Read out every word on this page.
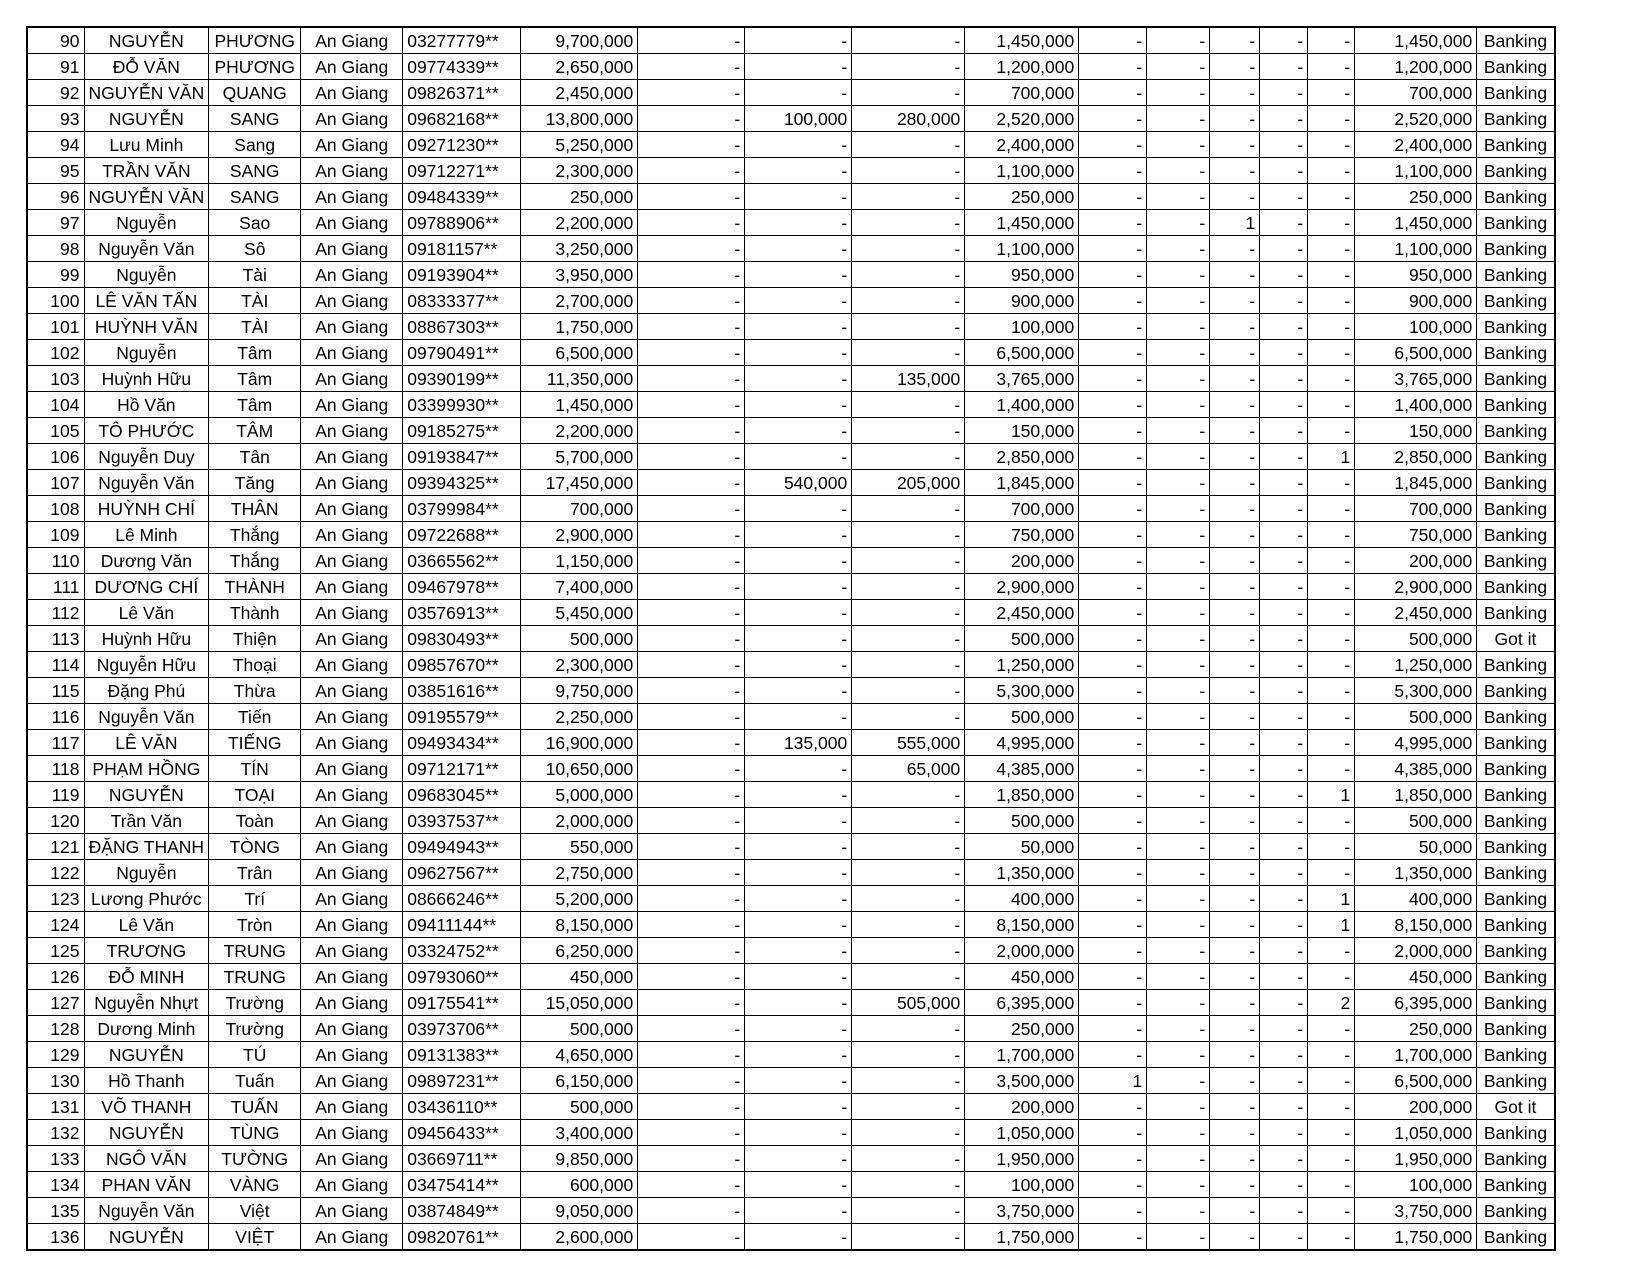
90	NGUYỄN	PHƯƠNG	An Giang	03277779**	9,700,000	-	-	-	1,450,000	-	-	-	-	-	1,450,000	Banking
91	ĐỖ VĂN	PHƯƠNG	An Giang	09774339**	2,650,000	-	-	-	1,200,000	-	-	-	-	-	1,200,000	Banking
92	NGUYỄN VĂN	QUANG	An Giang	09826371**	2,450,000	-	-	-	700,000	-	-	-	-	-	700,000	Banking
93	NGUYỄN	SANG	An Giang	09682168**	13,800,000	-	100,000	280,000	2,520,000	-	-	-	-	-	2,520,000	Banking
94	Lưu Minh	Sang	An Giang	09271230**	5,250,000	-	-	-	2,400,000	-	-	-	-	-	2,400,000	Banking
95	TRẦN VĂN	SANG	An Giang	09712271**	2,300,000	-	-	-	1,100,000	-	-	-	-	-	1,100,000	Banking
96	NGUYỄN VĂN	SANG	An Giang	09484339**	250,000	-	-	-	250,000	-	-	-	-	-	250,000	Banking
97	Nguyễn	Sao	An Giang	09788906**	2,200,000	-	-	-	1,450,000	-	-	1	-	-	1,450,000	Banking
98	Nguyễn Văn	Sô	An Giang	09181157**	3,250,000	-	-	-	1,100,000	-	-	-	-	-	1,100,000	Banking
99	Nguyễn	Tài	An Giang	09193904**	3,950,000	-	-	-	950,000	-	-	-	-	-	950,000	Banking
100	LÊ VĂN TẤN	TÀI	An Giang	08333377**	2,700,000	-	-	-	900,000	-	-	-	-	-	900,000	Banking
101	HUỲNH VĂN	TÀI	An Giang	08867303**	1,750,000	-	-	-	100,000	-	-	-	-	-	100,000	Banking
102	Nguyễn	Tâm	An Giang	09790491**	6,500,000	-	-	-	6,500,000	-	-	-	-	-	6,500,000	Banking
103	Huỳnh Hữu	Tâm	An Giang	09390199**	11,350,000	-	-	135,000	3,765,000	-	-	-	-	-	3,765,000	Banking
104	Hồ Văn	Tâm	An Giang	03399930**	1,450,000	-	-	-	1,400,000	-	-	-	-	-	1,400,000	Banking
105	TÔ PHƯỚC	TÂM	An Giang	09185275**	2,200,000	-	-	-	150,000	-	-	-	-	-	150,000	Banking
106	Nguyễn Duy	Tân	An Giang	09193847**	5,700,000	-	-	-	2,850,000	-	-	-	-	1	2,850,000	Banking
107	Nguyễn Văn	Tăng	An Giang	09394325**	17,450,000	-	540,000	205,000	1,845,000	-	-	-	-	-	1,845,000	Banking
108	HUỲNH CHÍ	THÂN	An Giang	03799984**	700,000	-	-	-	700,000	-	-	-	-	-	700,000	Banking
109	Lê Minh	Thắng	An Giang	09722688**	2,900,000	-	-	-	750,000	-	-	-	-	-	750,000	Banking
110	Dương Văn	Thắng	An Giang	03665562**	1,150,000	-	-	-	200,000	-	-	-	-	-	200,000	Banking
111	DƯƠNG CHÍ	THÀNH	An Giang	09467978**	7,400,000	-	-	-	2,900,000	-	-	-	-	-	2,900,000	Banking
112	Lê Văn	Thành	An Giang	03576913**	5,450,000	-	-	-	2,450,000	-	-	-	-	-	2,450,000	Banking
113	Huỳnh Hữu	Thiện	An Giang	09830493**	500,000	-	-	-	500,000	-	-	-	-	-	500,000	Got it
114	Nguyễn Hữu	Thoại	An Giang	09857670**	2,300,000	-	-	-	1,250,000	-	-	-	-	-	1,250,000	Banking
115	Đặng Phú	Thừa	An Giang	03851616**	9,750,000	-	-	-	5,300,000	-	-	-	-	-	5,300,000	Banking
116	Nguyễn Văn	Tiến	An Giang	09195579**	2,250,000	-	-	-	500,000	-	-	-	-	-	500,000	Banking
117	LÊ VĂN	TIẾNG	An Giang	09493434**	16,900,000	-	135,000	555,000	4,995,000	-	-	-	-	-	4,995,000	Banking
118	PHẠM HỒNG	TÍN	An Giang	09712171**	10,650,000	-	-	65,000	4,385,000	-	-	-	-	-	4,385,000	Banking
119	NGUYỄN	TOẠI	An Giang	09683045**	5,000,000	-	-	-	1,850,000	-	-	-	-	1	1,850,000	Banking
120	Trần Văn	Toàn	An Giang	03937537**	2,000,000	-	-	-	500,000	-	-	-	-	-	500,000	Banking
121	ĐẶNG THANH	TÒNG	An Giang	09494943**	550,000	-	-	-	50,000	-	-	-	-	-	50,000	Banking
122	Nguyễn	Trân	An Giang	09627567**	2,750,000	-	-	-	1,350,000	-	-	-	-	-	1,350,000	Banking
123	Lương Phước	Trí	An Giang	08666246**	5,200,000	-	-	-	400,000	-	-	-	-	1	400,000	Banking
124	Lê Văn	Tròn	An Giang	09411144**	8,150,000	-	-	-	8,150,000	-	-	-	-	1	8,150,000	Banking
125	TRƯƠNG	TRUNG	An Giang	03324752**	6,250,000	-	-	-	2,000,000	-	-	-	-	-	2,000,000	Banking
126	ĐỖ MINH	TRUNG	An Giang	09793060**	450,000	-	-	-	450,000	-	-	-	-	-	450,000	Banking
127	Nguyễn Nhựt	Trường	An Giang	09175541**	15,050,000	-	-	505,000	6,395,000	-	-	-	-	2	6,395,000	Banking
128	Dương Minh	Trường	An Giang	03973706**	500,000	-	-	-	250,000	-	-	-	-	-	250,000	Banking
129	NGUYỄN	TÚ	An Giang	09131383**	4,650,000	-	-	-	1,700,000	-	-	-	-	-	1,700,000	Banking
130	Hồ Thanh	Tuấn	An Giang	09897231**	6,150,000	-	-	-	3,500,000	1	-	-	-	-	6,500,000	Banking
131	VÕ THANH	TUẤN	An Giang	03436110**	500,000	-	-	-	200,000	-	-	-	-	-	200,000	Got it
132	NGUYỄN	TÙNG	An Giang	09456433**	3,400,000	-	-	-	1,050,000	-	-	-	-	-	1,050,000	Banking
133	NGÔ VĂN	TƯỜNG	An Giang	03669711**	9,850,000	-	-	-	1,950,000	-	-	-	-	-	1,950,000	Banking
134	PHAN VĂN	VÀNG	An Giang	03475414**	600,000	-	-	-	100,000	-	-	-	-	-	100,000	Banking
135	Nguyễn Văn	Việt	An Giang	03874849**	9,050,000	-	-	-	3,750,000	-	-	-	-	-	3,750,000	Banking
136	NGUYỄN	VIỆT	An Giang	09820761**	2,600,000	-	-	-	1,750,000	-	-	-	-	-	1,750,000	Banking
